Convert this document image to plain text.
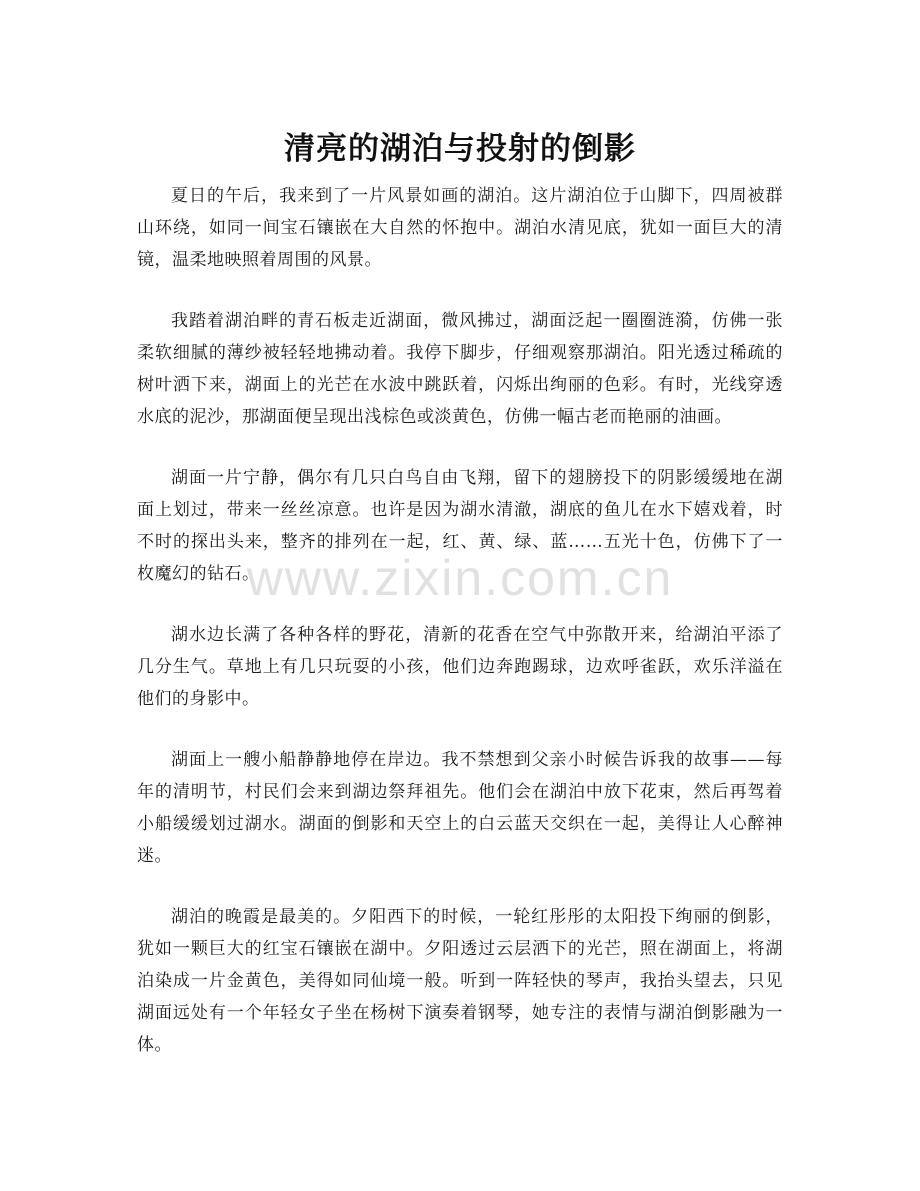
清亮的湖泊与投射的倒影

夏日的午后，我来到了一片风景如画的湖泊。这片湖泊位于山脚下，四周被群山环绕，如同一间宝石镶嵌在大自然的怀抱中。湖泊水清见底，犹如一面巨大的清镜，温柔地映照着周围的风景。

我踏着湖泊畔的青石板走近湖面，微风拂过，湖面泛起一圈圈涟漪，仿佛一张柔软细腻的薄纱被轻轻地拂动着。我停下脚步，仔细观察那湖泊。阳光透过稀疏的树叶洒下来，湖面上的光芒在水波中跳跃着，闪烁出绚丽的色彩。有时，光线穿透水底的泥沙，那湖面便呈现出浅棕色或淡黄色，仿佛一幅古老而艳丽的油画。

湖面一片宁静，偶尔有几只白鸟自由飞翔，留下的翅膀投下的阴影缓缓地在湖面上划过，带来一丝丝凉意。也许是因为湖水清澈，湖底的鱼儿在水下嬉戏着，时不时的探出头来，整齐的排列在一起，红、黄、绿、蓝……五光十色，仿佛下了一枚魔幻的钻石。

湖水边长满了各种各样的野花，清新的花香在空气中弥散开来，给湖泊平添了几分生气。草地上有几只玩耍的小孩，他们边奔跑踢球，边欢呼雀跃，欢乐洋溢在他们的身影中。

湖面上一艘小船静静地停在岸边。我不禁想到父亲小时候告诉我的故事——每年的清明节，村民们会来到湖边祭拜祖先。他们会在湖泊中放下花束，然后再驾着小船缓缓划过湖水。湖面的倒影和天空上的白云蓝天交织在一起，美得让人心醉神迷。

湖泊的晚霞是最美的。夕阳西下的时候，一轮红彤彤的太阳投下绚丽的倒影，犹如一颗巨大的红宝石镶嵌在湖中。夕阳透过云层洒下的光芒，照在湖面上，将湖泊染成一片金黄色，美得如同仙境一般。听到一阵轻快的琴声，我抬头望去，只见湖面远处有一个年轻女子坐在杨树下演奏着钢琴，她专注的表情与湖泊倒影融为一体。

www.zixin.com.cn
